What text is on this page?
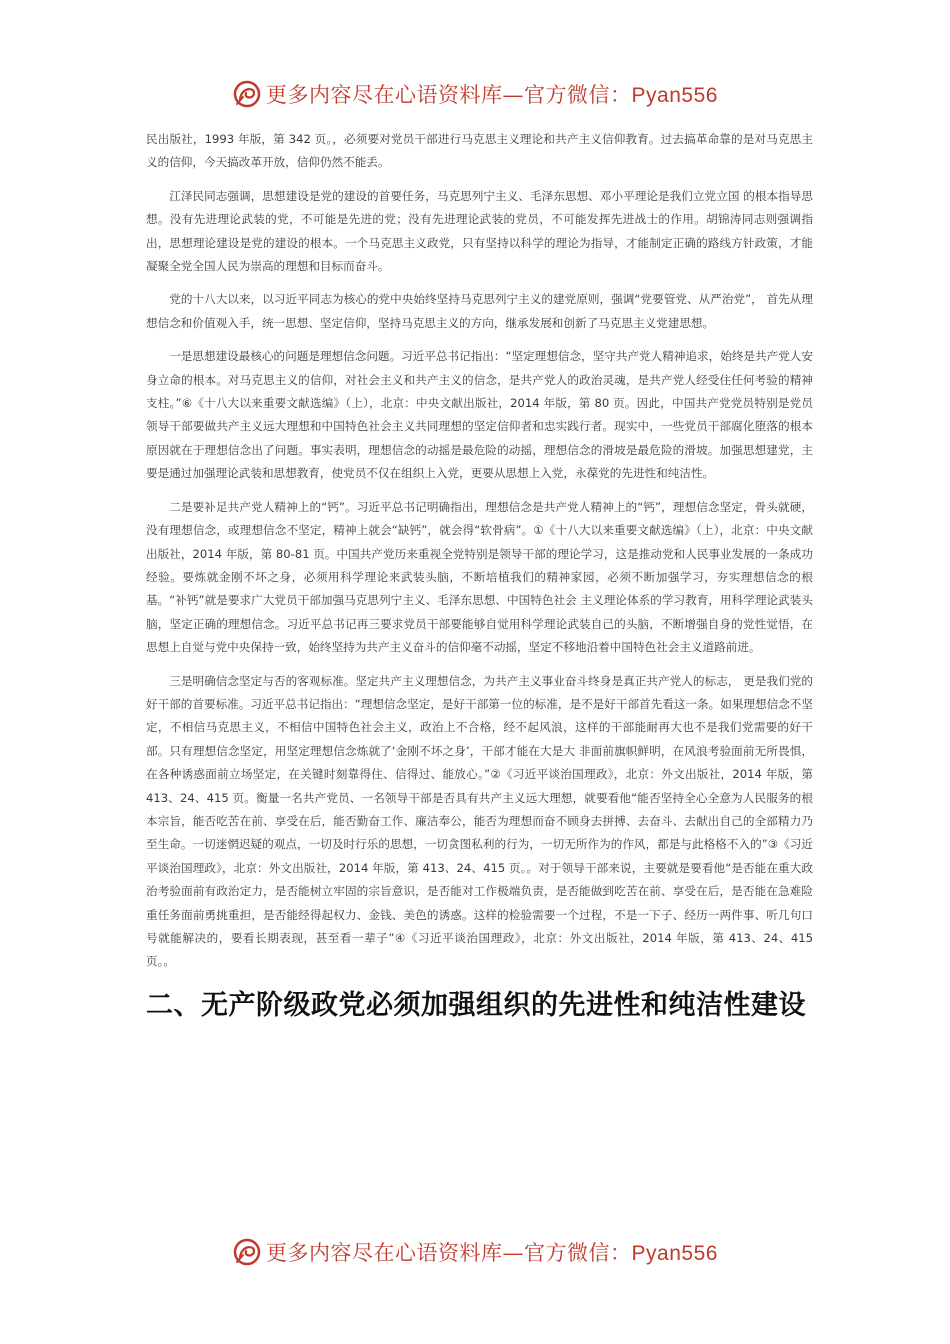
更多内容尽在心语资料库—官方微信：Pyan556

民出版社，1993 年版，第 342 页。，必须要对党员干部进行马克思主义理论和共产主义信仰教育。过去搞革命靠的是对马克思主义的信仰，今天搞改革开放，信仰仍然不能丢。

江泽民同志强调，思想建设是党的建设的首要任务，马克思列宁主义、毛泽东思想、邓小平理论是我们立党立国 的根本指导思想。没有先进理论武装的党，不可能是先进的党；没有先进理论武装的党员，不可能发挥先进战士的作用。胡锦涛同志则强调指出，思想理论建设是党的建设的根本。一个马克思主义政党，只有坚持以科学的理论为指导，才能制定正确的路线方针政策，才能凝聚全党全国人民为崇高的理想和目标而奋斗。

党的十八大以来，以习近平同志为核心的党中央始终坚持马克思列宁主义的建党原则，强调“党要管党、从严治党”， 首先从理想信念和价值观入手，统一思想、坚定信仰，坚持马克思主义的方向，继承发展和创新了马克思主义党建思想。

一是思想建设最核心的问题是理想信念问题。习近平总书记指出：“坚定理想信念，坚守共产党人精神追求，始终是共产党人安身立命的根本。对马克思主义的信仰，对社会主义和共产主义的信念，是共产党人的政治灵魂，是共产党人经受住任何考验的精神支柱。”⑥《十八大以来重要文献选编》（上），北京：中央文献出版社，2014 年版，第 80 页。因此，中国共产党党员特别是党员领导干部要做共产主义远大理想和中国特色社会主义共同理想的坚定信仰者和忠实践行者。现实中，一些党员干部腐化堕落的根本原因就在于理想信念出了问题。事实表明，理想信念的动摇是最危险的动摇，理想信念的滑坡是最危险的滑坡。加强思想建党，主要是通过加强理论武装和思想教育，使党员不仅在组织上入党，更要从思想上入党，永葆党的先进性和纯洁性。

二是要补足共产党人精神上的“钙”。习近平总书记明确指出，理想信念是共产党人精神上的“钙”，理想信念坚定，骨头就硬，没有理想信念，或理想信念不坚定，精神上就会“缺钙”，就会得“软骨病”。①《十八大以来重要文献选编》（上），北京：中央文献出版社，2014 年版，第 80-81 页。中国共产党历来重视全党特别是领导干部的理论学习，这是推动党和人民事业发展的一条成功经验。要炼就金刚不坏之身，必须用科学理论来武装头脑，不断培植我们的精神家园，必须不断加强学习，夯实理想信念的根基。“补钙”就是要求广大党员干部加强马克思列宁主义、毛泽东思想、中国特色社会 主义理论体系的学习教育，用科学理论武装头脑，坚定正确的理想信念。习近平总书记再三要求党员干部要能够自觉用科学理论武装自己的头脑，不断增强自身的党性觉悟，在思想上自觉与党中央保持一致，始终坚持为共产主义奋斗的信仰毫不动摇，坚定不移地沿着中国特色社会主义道路前进。

三是明确信念坚定与否的客观标准。坚定共产主义理想信念，为共产主义事业奋斗终身是真正共产党人的标志， 更是我们党的好干部的首要标准。习近平总书记指出：“理想信念坚定，是好干部第一位的标准，是不是好干部首先看这一条。如果理想信念不坚定，不相信马克思主义，不相信中国特色社会主义，政治上不合格，经不起风浪，这样的干部能耐再大也不是我们党需要的好干部。只有理想信念坚定，用坚定理想信念炼就了‘金刚不坏之身’，干部才能在大是大 非面前旗帜鲜明，在风浪考验面前无所畏惧，在各种诱惑面前立场坚定，在关键时刻靠得住、信得过、能放心。”②《习近平谈治国理政》，北京：外文出版社，2014 年版，第 413、24、415 页。衡量一名共产党员、一名领导干部是否具有共产主义远大理想，就要看他“能否坚持全心全意为人民服务的根本宗旨，能否吃苦在前、享受在后，能否勤奋工作、廉洁奉公，能否为理想而奋不顾身去拼搏、去奋斗、去献出自己的全部精力乃至生命。一切迷惘迟疑的观点，一切及时行乐的思想，一切贪图私利的行为，一切无所作为的作风，都是与此格格不入的”③《习近平谈治国理政》，北京：外文出版社，2014 年版，第 413、24、415 页。。对于领导干部来说，主要就是要看他“是否能在重大政治考验面前有政治定力，是否能树立牢固的宗旨意识，是否能对工作极端负责，是否能做到吃苦在前、享受在后，是否能在急难险重任务面前勇挑重担，是否能经得起权力、金钱、美色的诱惑。这样的检验需要一个过程，不是一下子、经历一两件事、听几句口号就能解决的，要看长期表现，甚至看一辈子”④《习近平谈治国理政》，北京：外文出版社，2014 年版，第 413、24、415 页。。

二、无产阶级政党必须加强组织的先进性和纯洁性建设
更多内容尽在心语资料库—官方微信：Pyan556
